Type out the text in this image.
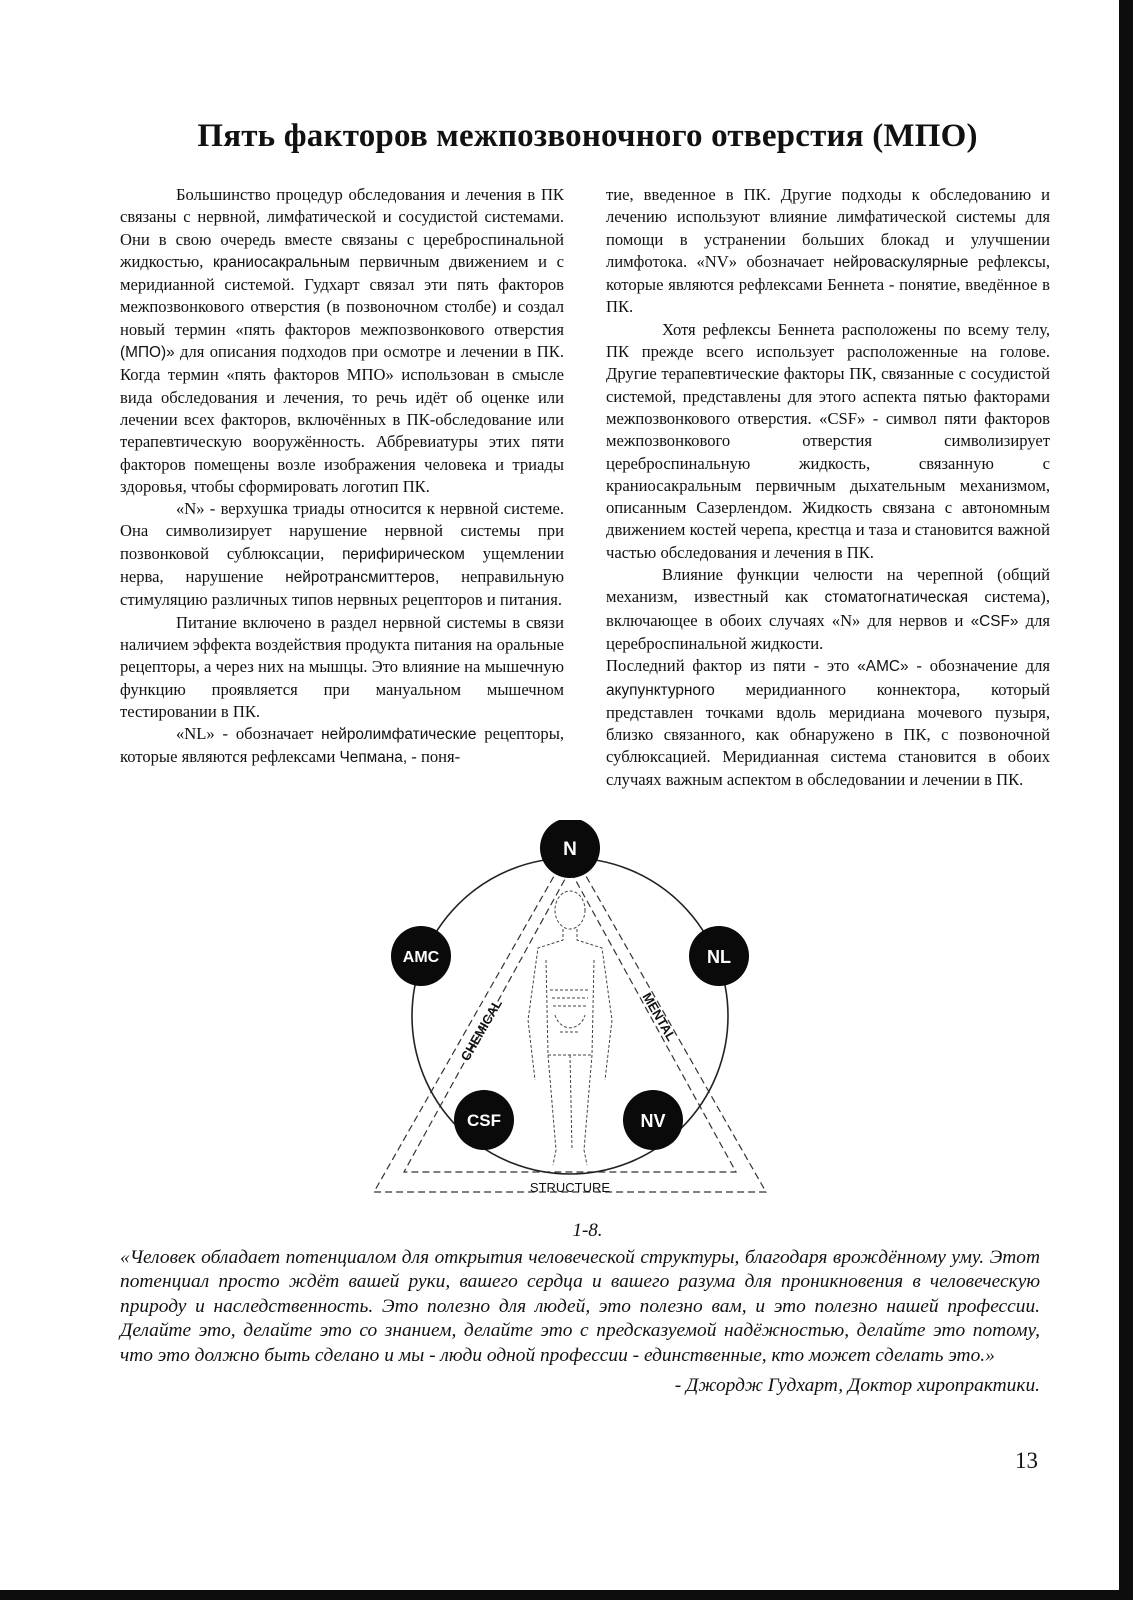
Пять факторов межпозвоночного отверстия (МПО)

Большинство процедур обследования и лечения в ПК связаны с нервной, лимфатической и сосудистой системами. Они в свою очередь вместе связаны с цереброспинальной жидкостью, краниосакральным первичным движением и с меридианной системой. Гудхарт связал эти пять факторов межпозвонкового отверстия (в позвоночном столбе) и создал новый термин «пять факторов межпозвонкового отверстия (МПО)» для описания подходов при осмотре и лечении в ПК. Когда термин «пять факторов МПО» использован в смысле вида обследования и лечения, то речь идёт об оценке или лечении всех факторов, включённых в ПК-обследование или терапевтическую вооружённость. Аббревиатуры этих пяти факторов помещены возле изображения человека и триады здоровья, чтобы сформировать логотип ПК.

«N» - верхушка триады относится к нервной системе. Она символизирует нарушение нервной системы при позвонковой сублюксации, перифирическом ущемлении нерва, нарушение нейротрансмиттеров, неправильную стимуляцию различных типов нервных рецепторов и питания.

Питание включено в раздел нервной системы в связи наличием эффекта воздействия продукта питания на оральные рецепторы, а через них на мышцы. Это влияние на мышечную функцию проявляется при мануальном мышечном тестировании в ПК.

«NL» - обозначает нейролимфатические рецепторы, которые являются рефлексами Чепмана, - поня-

тие, введенное в ПК. Другие подходы к обследованию и лечению используют влияние лимфатической системы для помощи в устранении больших блокад и улучшении лимфотока. «NV» обозначает нейроваскулярные рефлексы, которые являются рефлексами Беннета - понятие, введённое в ПК.

Хотя рефлексы Беннета расположены по всему телу, ПК прежде всего использует расположенные на голове. Другие терапевтические факторы ПК, связанные с сосудистой системой, представлены для этого аспекта пятью факторами межпозвонкового отверстия. «CSF» - символ пяти факторов межпозвонкового отверстия символизирует цереброспинальную жидкость, связанную с краниосакральным первичным дыхательным механизмом, описанным Сазерлендом. Жидкость связана с автономным движением костей черепа, крестца и таза и становится важной частью обследования и лечения в ПК.

Влияние функции челюсти на черепной (общий механизм, известный как стоматогнатическая система), включающее в обоих случаях «N» для нервов и «CSF» для цереброспинальной жидкости.

Последний фактор из пяти - это «АМС» - обозначение для акупунктурного меридианного коннектора, который представлен точками вдоль меридиана мочевого пузыря, близко связанного, как обнаружено в ПК, с позвоночной сублюксацией. Меридианная система становится в обоих случаях важным аспектом в обследовании и лечении в ПК.

CHEMICAL	MENTAL
STRUCTURE
N
NL
AMC
CSF	NV
1-8.

«Человек обладает потенциалом для открытия человеческой структуры, благодаря врождённому уму. Этот потенциал просто ждёт вашей руки, вашего сердца и вашего разума для проникновения в человеческую природу и наследственность. Это полезно для людей, это полезно вам, и это полезно нашей профессии. Делайте это, делайте это со знанием, делайте это с предсказуемой надёжностью, делайте это потому, что это должно быть сделано и мы - люди одной профессии - единственные, кто может сделать это.»

- Джордж Гудхарт, Доктор хиропрактики.

13
